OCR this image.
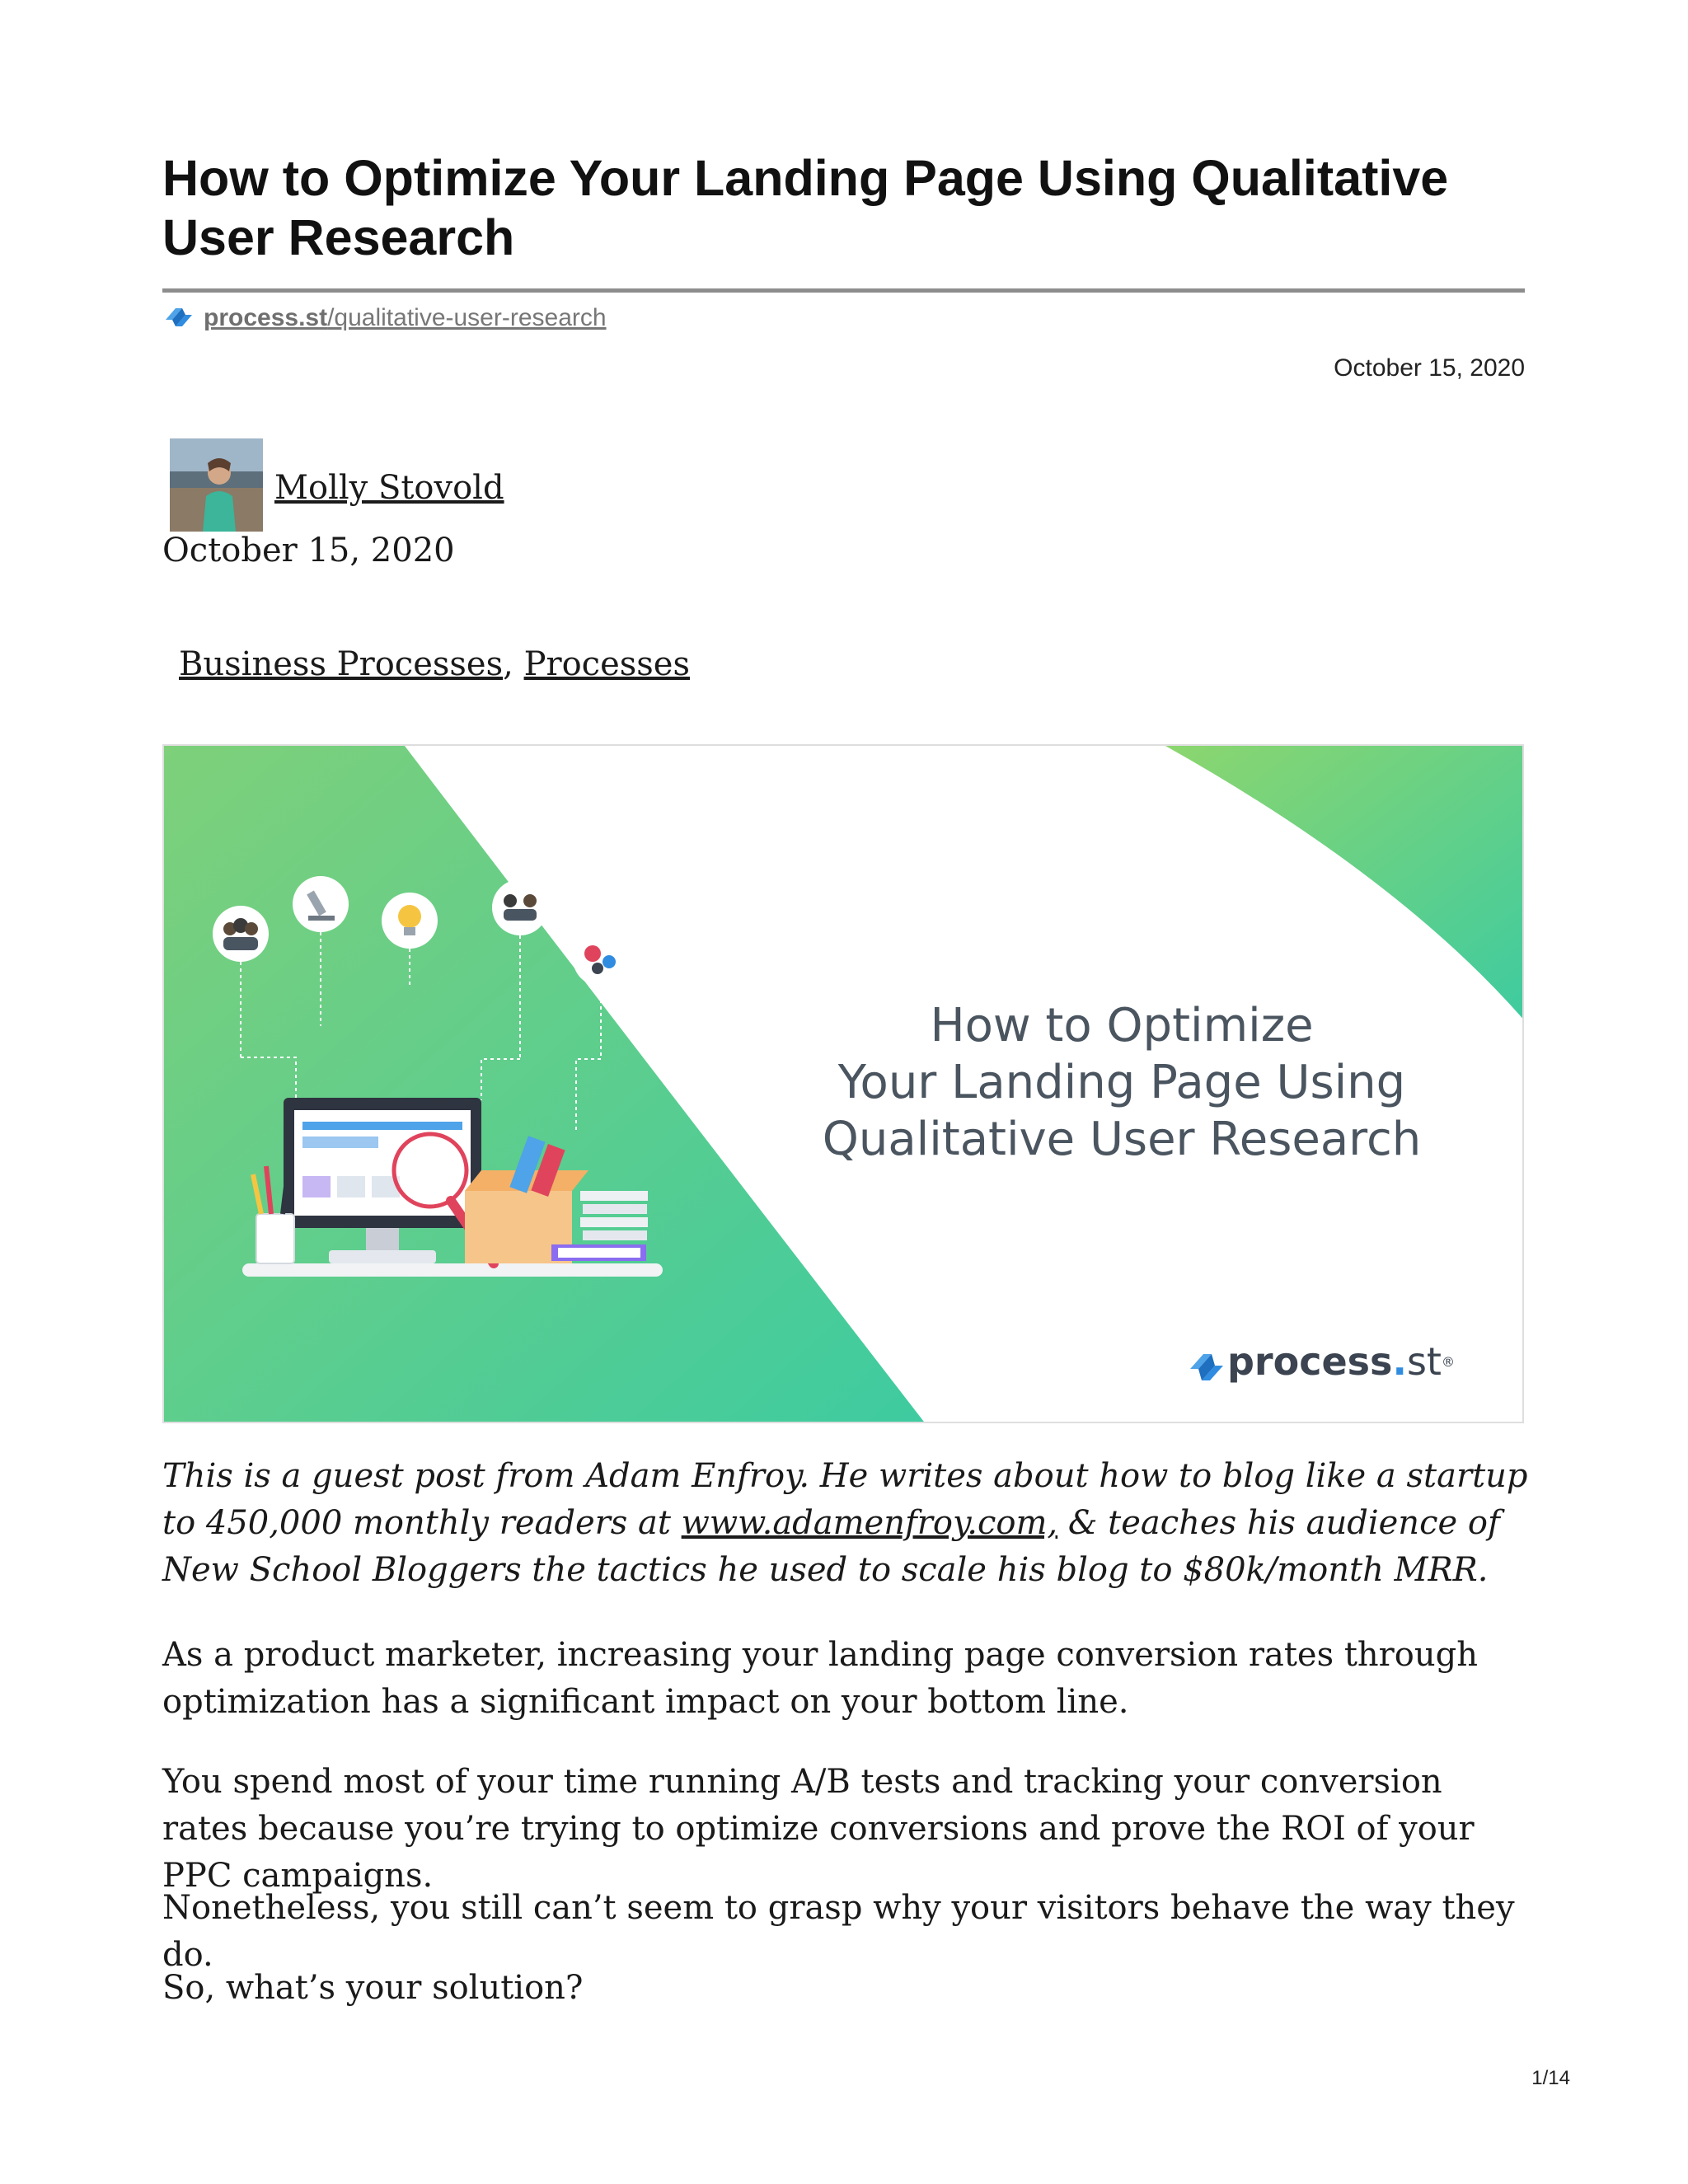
How to Optimize Your Landing Page Using Qualitative User Research
process.st/qualitative-user-research
October 15, 2020
Molly Stovold
October 15, 2020
Business Processes, Processes
How to Optimize
Your Landing Page Using
Qualitative User Research
process . st ®

This is a guest post from Adam Enfroy. He writes about how to blog like a startup to 450,000 monthly readers at www.adamenfroy.com, & teaches his audience of New School Bloggers the tactics he used to scale his blog to $80k/month MRR.

As a product marketer, increasing your landing page conversion rates through optimization has a significant impact on your bottom line.

You spend most of your time running A/B tests and tracking your conversion rates because you’re trying to optimize conversions and prove the ROI of your PPC campaigns.

Nonetheless, you still can’t seem to grasp why your visitors behave the way they do.

So, what’s your solution?

1/14
